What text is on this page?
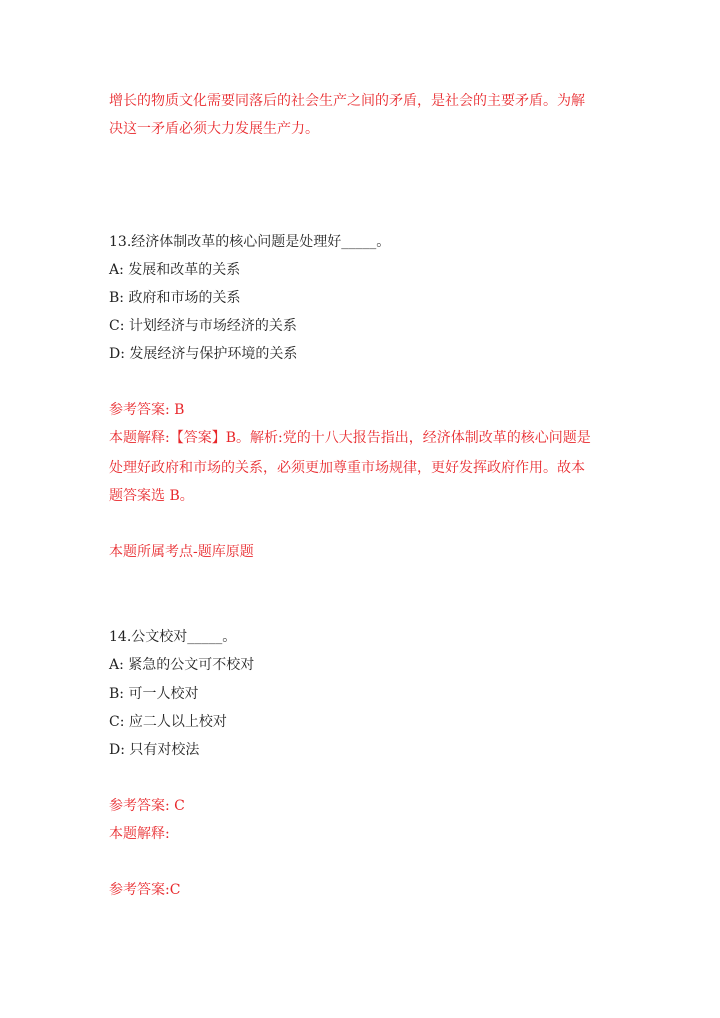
增长的物质文化需要同落后的社会生产之间的矛盾，是社会的主要矛盾。为解
决这一矛盾必须大力发展生产力。
13.经济体制改革的核心问题是处理好_____。
A: 发展和改革的关系
B: 政府和市场的关系
C: 计划经济与市场经济的关系
D: 发展经济与保护环境的关系
参考答案: B
本题解释:【答案】B。解析:党的十八大报告指出，经济体制改革的核心问题是
处理好政府和市场的关系，必须更加尊重市场规律，更好发挥政府作用。故本
题答案选 B。
本题所属考点-题库原题
14.公文校对_____。
A: 紧急的公文可不校对
B: 可一人校对
C: 应二人以上校对
D: 只有对校法
参考答案: C
本题解释:
参考答案:C
